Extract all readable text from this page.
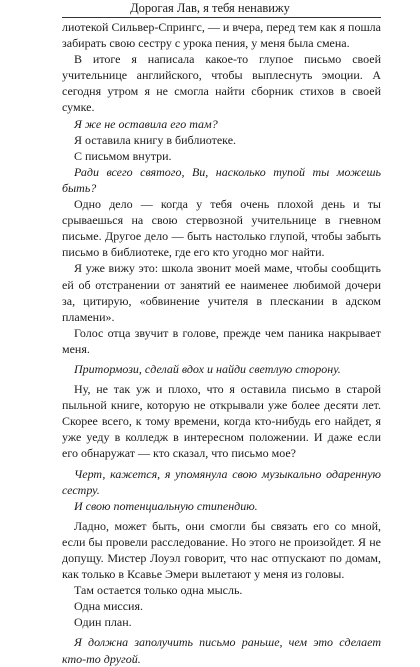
Дорогая Лав, я тебя ненавижу

лиотекой Сильвер-Спрингс, — и вчера, перед тем как я пошла забирать свою сестру с урока пения, у меня была смена.

В итоге я написала какое-то глупое письмо своей учительнице английского, чтобы выплеснуть эмоции. А сегодня утром я не смогла найти сборник стихов в своей сумке.

Я же не оставила его там?

Я оставила книгу в библиотеке.

С письмом внутри.

Ради всего святого, Ви, насколько тупой ты можешь быть?

Одно дело — когда у тебя очень плохой день и ты срываешься на свою стервозной учительнице в гневном письме. Другое дело — быть настолько глупой, чтобы забыть письмо в библиотеке, где его кто угодно мог найти.

Я уже вижу это: школа звонит моей маме, чтобы сообщить ей об отстранении от занятий ее наименее любимой дочери за, цитирую, «обвинение учителя в плескании в адском пламени».

Голос отца звучит в голове, прежде чем паника накрывает меня.

Притормози, сделай вдох и найди светлую сторону.

Ну, не так уж и плохо, что я оставила письмо в старой пыльной книге, которую не открывали уже более десяти лет. Скорее всего, к тому времени, когда кто-нибудь его найдет, я уже уеду в колледж в интересном положении. И даже если его обнаружат — кто сказал, что письмо мое?

Черт, кажется, я упомянула свою музыкально одаренную сестру.

И свою потенциальную стипендию.

Ладно, может быть, они смогли бы связать его со мной, если бы провели расследование. Но этого не произойдет. Я не допущу. Мистер Лоуэл говорит, что нас отпускают по домам, как только в Ксавье Эмери вылетают у меня из головы.

Там остается только одна мысль.

Одна миссия.

Один план.

Я должна заполучить письмо раньше, чем это сделает кто-то другой.
